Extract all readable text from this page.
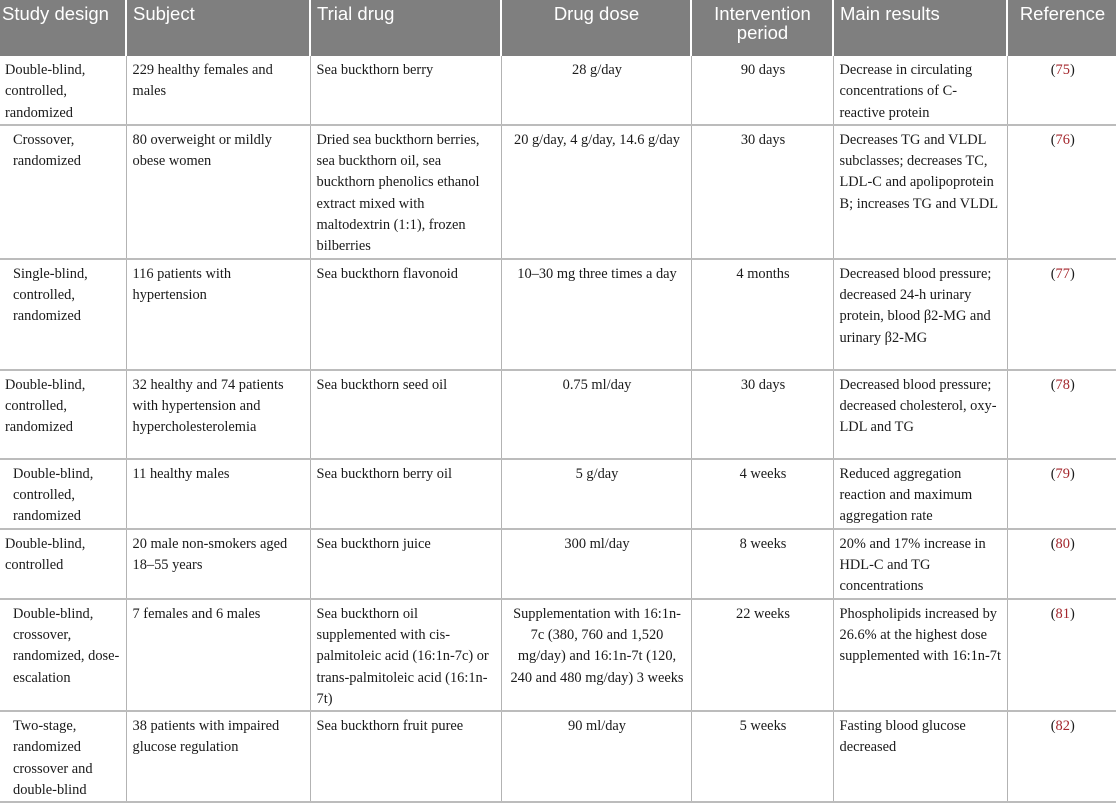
Study design	Subject	Trial drug	Drug dose	Intervention period	Main results	Reference
Double-blind, controlled, randomized	229 healthy females and males	Sea buckthorn berry	28 g/day	90 days	Decrease in circulating concentrations of C-reactive protein	(75)
Crossover, randomized	80 overweight or mildly obese women	Dried sea buckthorn berries, sea buckthorn oil, sea buckthorn phenolics ethanol extract mixed with maltodextrin (1:1), frozen bilberries	20 g/day, 4 g/day, 14.6 g/day	30 days	Decreases TG and VLDL subclasses; decreases TC, LDL-C and apolipoprotein B; increases TG and VLDL	(76)
Single-blind, controlled, randomized	116 patients with hypertension	Sea buckthorn flavonoid	10–30 mg three times a day	4 months	Decreased blood pressure; decreased 24-h urinary protein, blood β2-MG and urinary β2-MG	(77)
Double-blind, controlled, randomized	32 healthy and 74 patients with hypertension and hypercholesterolemia	Sea buckthorn seed oil	0.75 ml/day	30 days	Decreased blood pressure; decreased cholesterol, oxy-LDL and TG	(78)
Double-blind, controlled, randomized	11 healthy males	Sea buckthorn berry oil	5 g/day	4 weeks	Reduced aggregation reaction and maximum aggregation rate	(79)
Double-blind, controlled	20 male non-smokers aged 18–55 years	Sea buckthorn juice	300 ml/day	8 weeks	20% and 17% increase in HDL-C and TG concentrations	(80)
Double-blind, crossover, randomized, dose-escalation	7 females and 6 males	Sea buckthorn oil supplemented with cis-palmitoleic acid (16:1n-7c) or trans-palmitoleic acid (16:1n-7t)	Supplementation with 16:1n-7c (380, 760 and 1,520 mg/day) and 16:1n-7t (120, 240 and 480 mg/day) 3 weeks	22 weeks	Phospholipids increased by 26.6% at the highest dose supplemented with 16:1n-7t	(81)
Two-stage, randomized crossover and double-blind	38 patients with impaired glucose regulation	Sea buckthorn fruit puree	90 ml/day	5 weeks	Fasting blood glucose decreased	(82)
